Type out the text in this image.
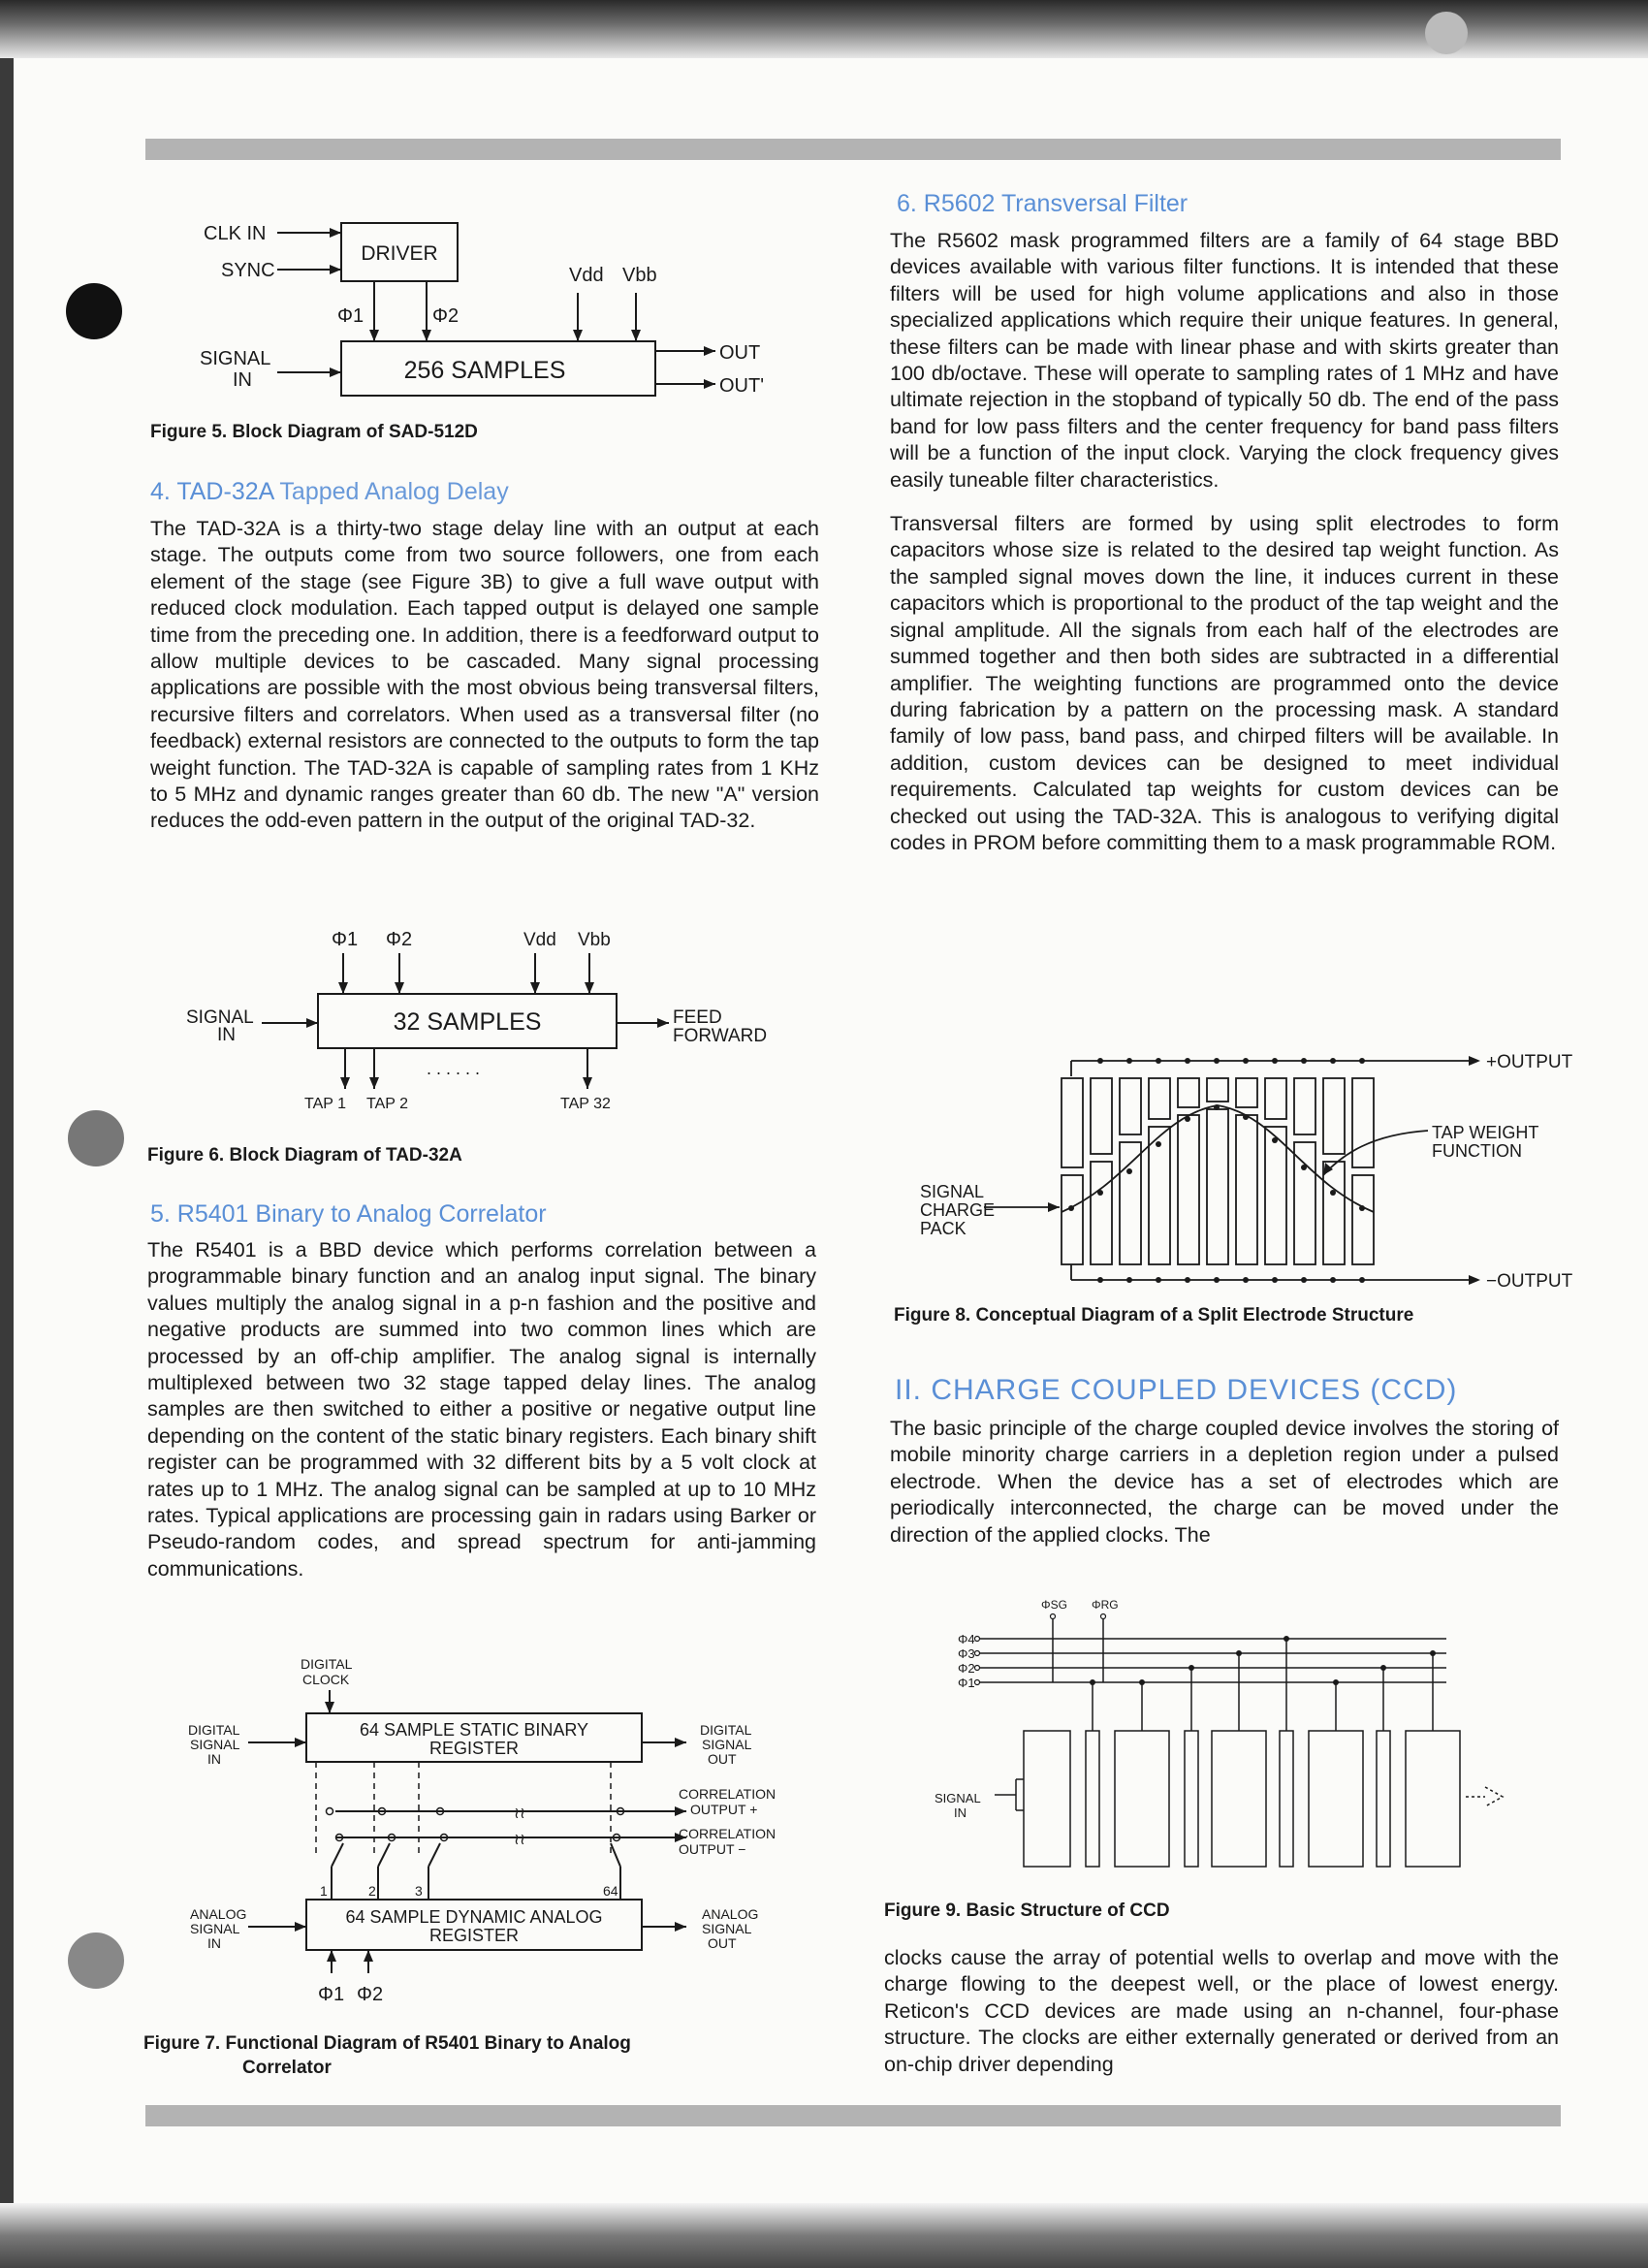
CLK IN
SYNC
DRIVER
Vdd Vbb
Φ1	Φ2
SIGNAL
IN	256 SAMPLES
OUT
OUT'
Figure 5. Block Diagram of SAD-512D
4. TAD-32A Tapped Analog Delay

The TAD-32A is a thirty-two stage delay line with an output at each stage. The outputs come from two source followers, one from each element of the stage (see Figure 3B) to give a full wave output with reduced clock modulation. Each tapped output is delayed one sample time from the preceding one. In addition, there is a feedforward output to allow multiple devices to be cascaded. Many signal processing applications are possible with the most obvious being transversal filters, recursive filters and correlators. When used as a transversal filter (no feedback) external resistors are connected to the outputs to form the tap weight function. The TAD-32A is capable of sampling rates from 1 KHz to 5 MHz and dynamic ranges greater than 60 db. The new "A" version reduces the odd-even pattern in the output of the original TAD-32.

Φ1 Φ2	Vdd Vbb
SIGNAL
IN	32 SAMPLES	FEED
FORWARD
TAP 1 TAP 2
. . . . . .
TAP 32
Figure 6. Block Diagram of TAD-32A
5. R5401 Binary to Analog Correlator

The R5401 is a BBD device which performs correlation between a programmable binary function and an analog input signal. The binary values multiply the analog signal in a p-n fashion and the positive and negative products are summed into two common lines which are processed by an off-chip amplifier. The analog signal is internally multiplexed between two 32 stage tapped delay lines. The analog samples are then switched to either a positive or negative output line depending on the content of the static binary registers. Each binary shift register can be programmed with 32 different bits by a 5 volt clock at rates up to 1 MHz. The analog signal can be sampled at up to 10 MHz rates. Typical applications are processing gain in radars using Barker or Pseudo-random codes, and spread spectrum for anti-jamming communications.

≀≀
≀≀
DIGITAL
CLOCK
DIGITAL
SIGNAL
IN
64 SAMPLE STATIC BINARY
REGISTER
DIGITAL
SIGNAL
OUT
CORRELATION
OUTPUT +
CORRELATION
OUTPUT −
1	2	3	64
ANALOG
SIGNAL
IN
64 SAMPLE DYNAMIC ANALOG
REGISTER
ANALOG
SIGNAL
OUT
Φ1 Φ2
Figure 7. Functional Diagram of R5401 Binary to Analog
Correlator
6. R5602 Transversal Filter

The R5602 mask programmed filters are a family of 64 stage BBD devices available with various filter functions. It is intended that these filters will be used for high volume applications and also in those specialized applications which require their unique features. In general, these filters can be made with linear phase and with skirts greater than 100 db/octave. These will operate to sampling rates of 1 MHz and have ultimate rejection in the stopband of typically 50 db. The end of the pass band for low pass filters and the center frequency for band pass filters will be a function of the input clock. Varying the clock frequency gives easily tuneable filter characteristics.

Transversal filters are formed by using split electrodes to form capacitors whose size is related to the desired tap weight function. As the sampled signal moves down the line, it induces current in these capacitors which is proportional to the product of the tap weight and the signal amplitude. All the signals from each half of the electrodes are summed together and then both sides are subtracted in a differential amplifier. The weighting functions are programmed onto the device during fabrication by a pattern on the processing mask. A standard family of low pass, band pass, and chirped filters will be available. In addition, custom devices can be designed to meet individual requirements. Calculated tap weights for custom devices can be checked out using the TAD-32A. This is analogous to verifying digital codes in PROM before committing them to a mask programmable ROM.

+OUTPUT
−OUTPUT
SIGNAL
CHARGE
PACK
TAP WEIGHT
FUNCTION
Figure 8. Conceptual Diagram of a Split Electrode Structure
II. CHARGE COUPLED DEVICES (CCD)

The basic principle of the charge coupled device involves the storing of mobile minority charge carriers in a depletion region under a pulsed electrode. When the device has a set of electrodes which are periodically interconnected, the charge can be moved under the direction of the applied clocks. The

ΦSG ΦRG
Φ4
Φ3
Φ2
Φ1
SIGNAL
IN
Figure 9. Basic Structure of CCD

clocks cause the array of potential wells to overlap and move with the charge flowing to the deepest well, or the place of lowest energy. Reticon's CCD devices are made using an n-channel, four-phase structure. The clocks are either externally generated or derived from an on-chip driver depending
